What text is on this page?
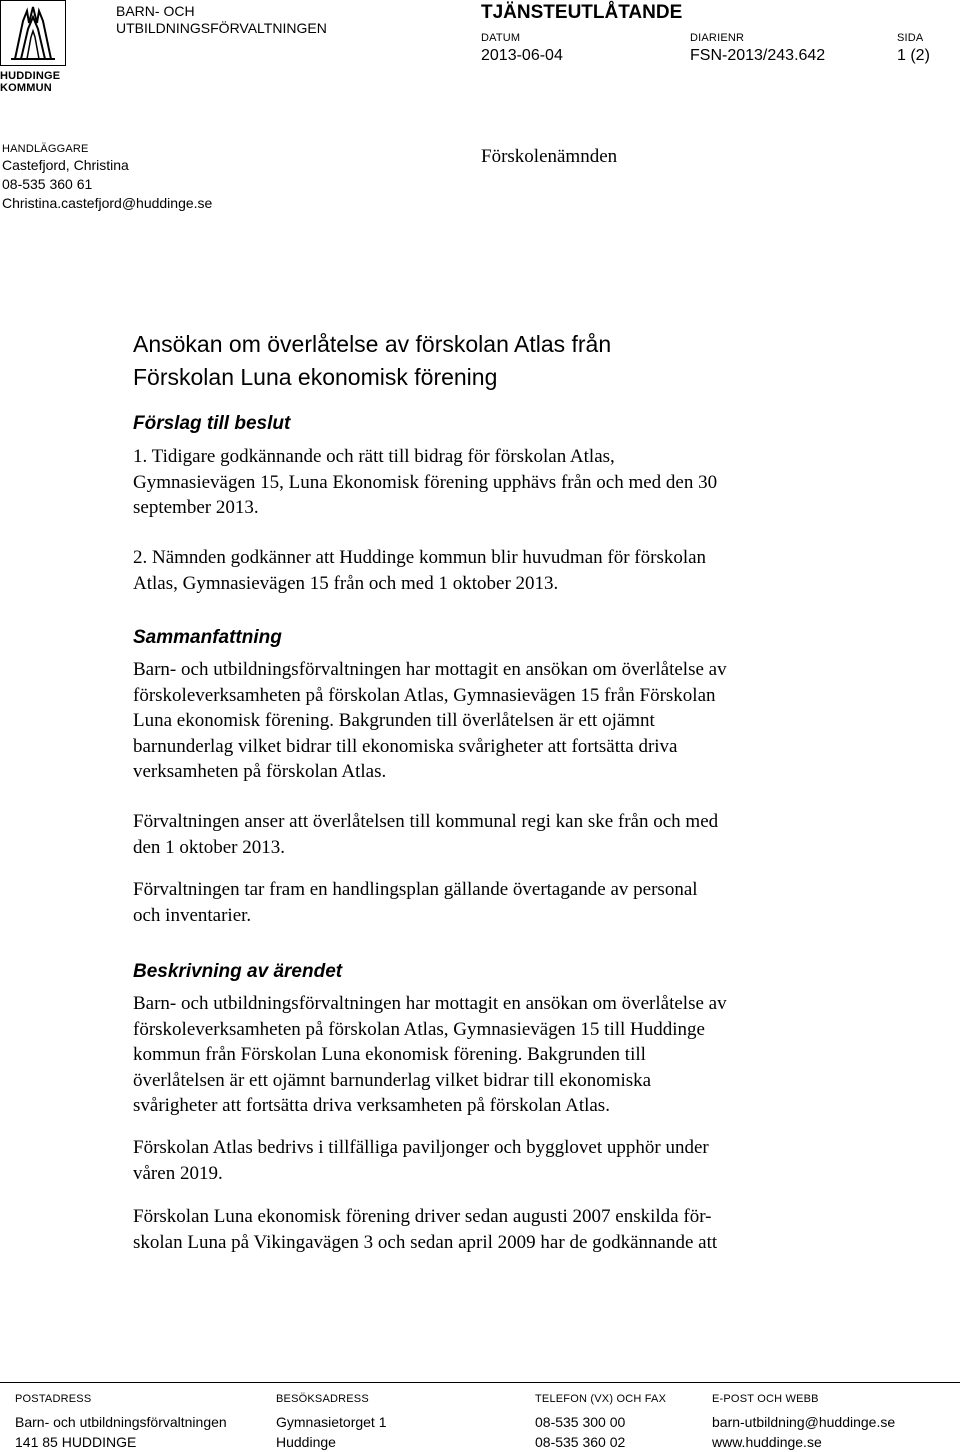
HUDDINGE
KOMMUN
BARN- OCH
UTBILDNINGSFÖRVALTNINGEN
TJÄNSTEUTLÅTANDE
DATUM
2013-06-04
DIARIENR
FSN-2013/243.642
SIDA
1 (2)
HANDLÄGGARE
Castefjord, Christina
08-535 360 61
Christina.castefjord@huddinge.se
Förskolenämnden
Ansökan om överlåtelse av förskolan Atlas från
Förskolan Luna ekonomisk förening
Förslag till beslut
1. Tidigare godkännande och rätt till bidrag för förskolan Atlas,
Gymnasievägen 15, Luna Ekonomisk förening upphävs från och med den 30
september 2013.
2. Nämnden godkänner att Huddinge kommun blir huvudman för förskolan
Atlas, Gymnasievägen 15 från och med 1 oktober 2013.
Sammanfattning
Barn- och utbildningsförvaltningen har mottagit en ansökan om överlåtelse av
förskoleverksamheten på förskolan Atlas, Gymnasievägen 15 från Förskolan
Luna ekonomisk förening. Bakgrunden till överlåtelsen är ett ojämnt
barnunderlag vilket bidrar till ekonomiska svårigheter att fortsätta driva
verksamheten på förskolan Atlas.
Förvaltningen anser att överlåtelsen till kommunal regi kan ske från och med
den 1 oktober 2013.
Förvaltningen tar fram en handlingsplan gällande övertagande av personal
och inventarier.
Beskrivning av ärendet
Barn- och utbildningsförvaltningen har mottagit en ansökan om överlåtelse av
förskoleverksamheten på förskolan Atlas, Gymnasievägen 15 till Huddinge
kommun från Förskolan Luna ekonomisk förening. Bakgrunden till
överlåtelsen är ett ojämnt barnunderlag vilket bidrar till ekonomiska
svårigheter att fortsätta driva verksamheten på förskolan Atlas.
Förskolan Atlas bedrivs i tillfälliga paviljonger och bygglovet upphör under
våren 2019.
Förskolan Luna ekonomisk förening driver sedan augusti 2007 enskilda för-
skolan Luna på Vikingavägen 3 och sedan april 2009 har de godkännande att
POSTADRESS
Barn- och utbildningsförvaltningen
141 85 HUDDINGE
BESÖKSADRESS
Gymnasietorget 1
Huddinge
TELEFON (VX) OCH FAX
08-535 300 00
08-535 360 02
E-POST OCH WEBB
barn-utbildning@huddinge.se
www.huddinge.se
